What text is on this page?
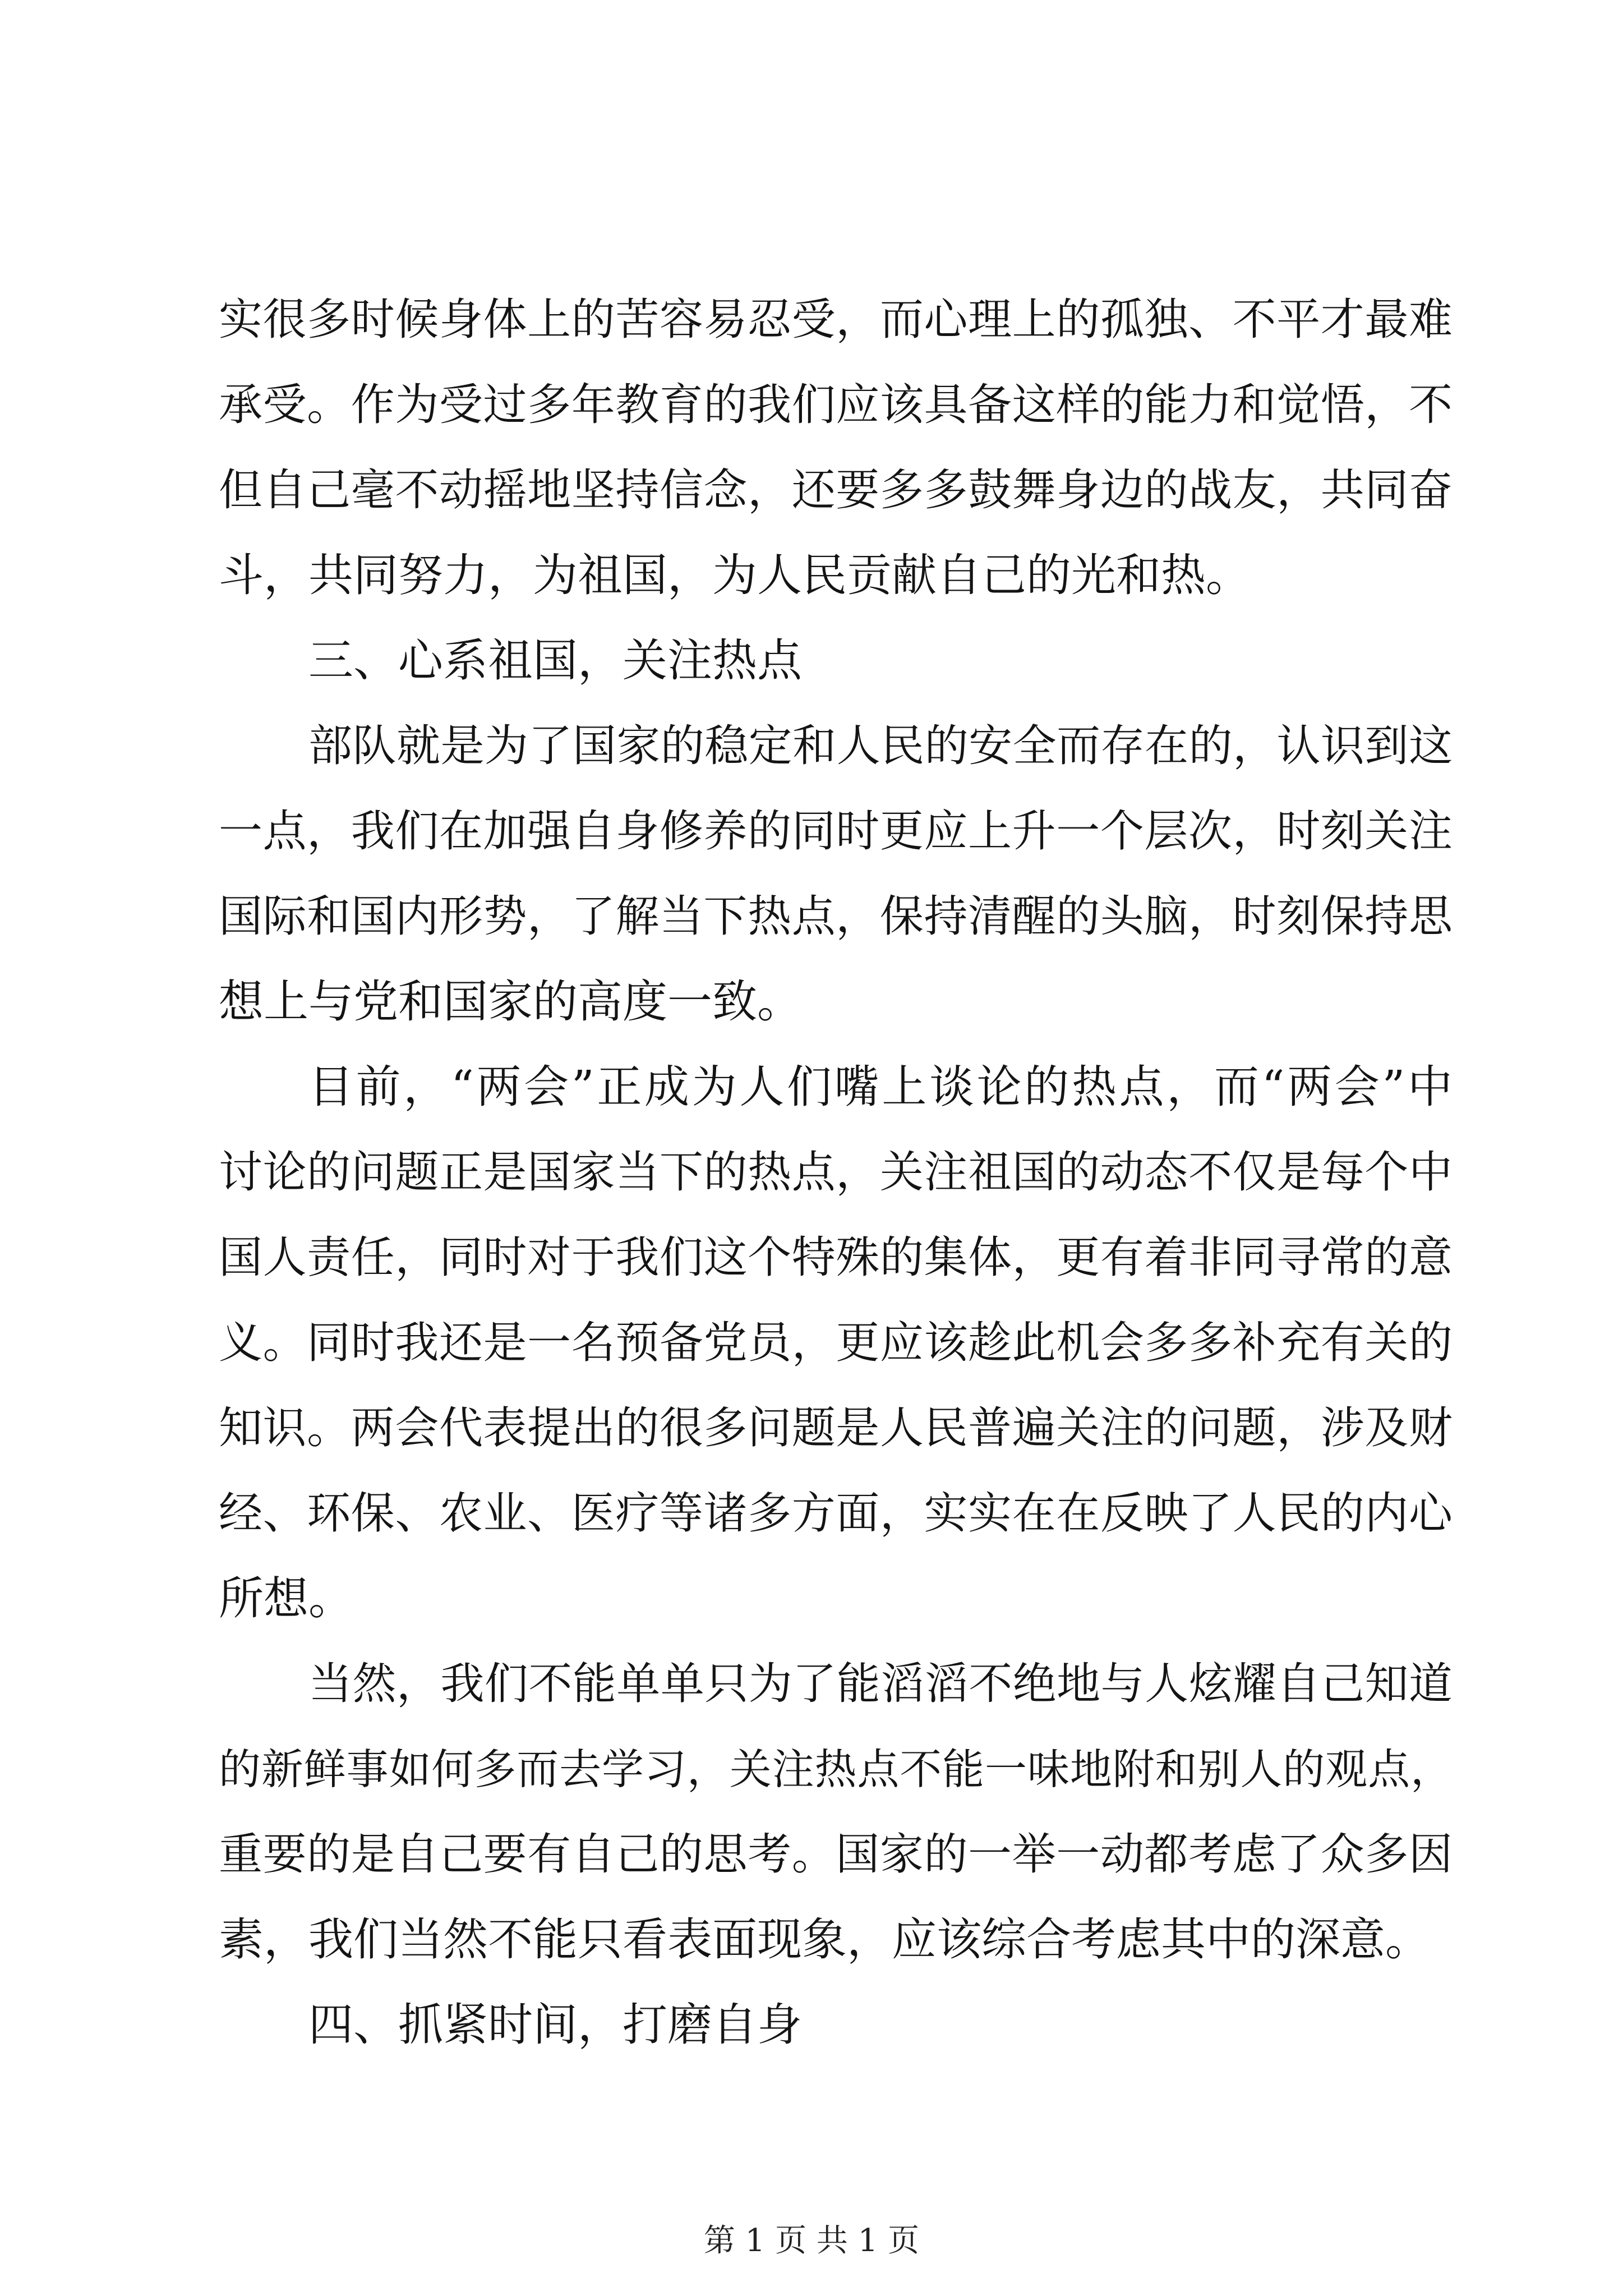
实很多时候身体上的苦容易忍受，而心理上的孤独、不平才最难
承受。作为受过多年教育的我们应该具备这样的能力和觉悟，不
但自己毫不动摇地坚持信念，还要多多鼓舞身边的战友，共同奋
斗，共同努力，为祖国，为人民贡献自己的光和热。
三、心系祖国，关注热点
部队就是为了国家的稳定和人民的安全而存在的，认识到这
一点，我们在加强自身修养的同时更应上升一个层次，时刻关注
国际和国内形势，了解当下热点，保持清醒的头脑，时刻保持思
想上与党和国家的高度一致。
目前，“两会”正成为人们嘴上谈论的热点，而“两会”中
讨论的问题正是国家当下的热点，关注祖国的动态不仅是每个中
国人责任，同时对于我们这个特殊的集体，更有着非同寻常的意
义。同时我还是一名预备党员，更应该趁此机会多多补充有关的
知识。两会代表提出的很多问题是人民普遍关注的问题，涉及财
经、环保、农业、医疗等诸多方面，实实在在反映了人民的内心
所想。
当然，我们不能单单只为了能滔滔不绝地与人炫耀自己知道
的新鲜事如何多而去学习，关注热点不能一味地附和别人的观点，
重要的是自己要有自己的思考。国家的一举一动都考虑了众多因
素，我们当然不能只看表面现象，应该综合考虑其中的深意。
四、抓紧时间，打磨自身
第 1 页 共 1 页
